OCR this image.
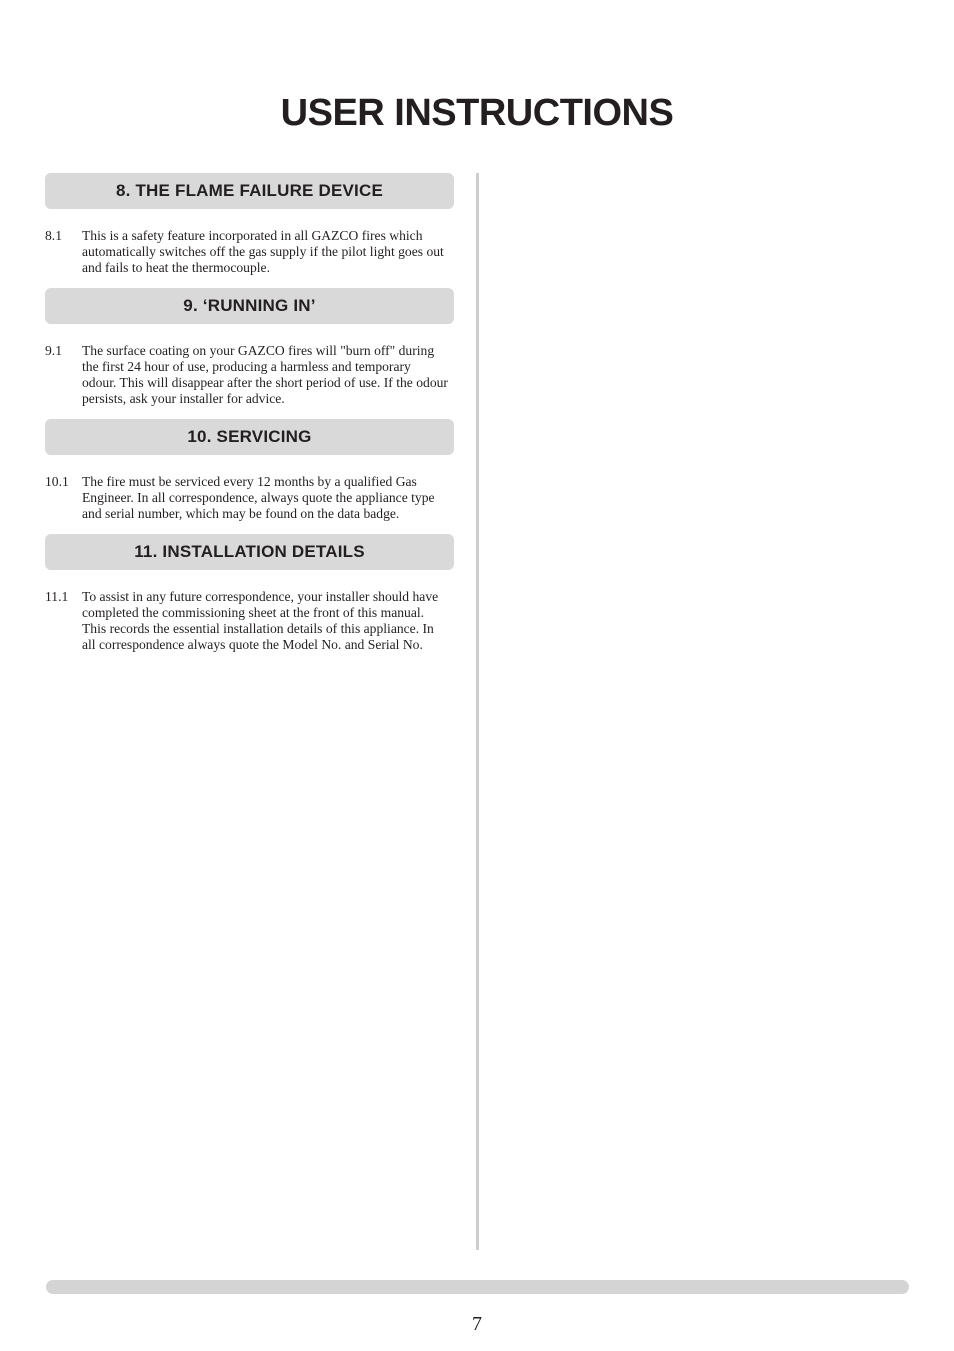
USER INSTRUCTIONS
8. THE FLAME FAILURE DEVICE
8.1	This is a safety feature incorporated in all GAZCO fires which automatically switches off the gas supply if the pilot light goes out and fails to heat the thermocouple.
9. ‘RUNNING IN’
9.1	The surface coating on your GAZCO fires will "burn off" during the first 24 hour of use, producing a harmless and temporary odour. This will disappear after the short period of use. If the odour persists, ask your installer for advice.
10. SERVICING
10.1 The fire must be serviced every 12 months by a qualified Gas Engineer. In all correspondence, always quote the appliance type and serial number, which may be found on the data badge.
11. INSTALLATION DETAILS
11.1	To assist in any future correspondence, your installer should have completed the commissioning sheet at the front of this manual. This records the essential installation details of this appliance. In all correspondence always quote the Model No. and Serial No.
7
